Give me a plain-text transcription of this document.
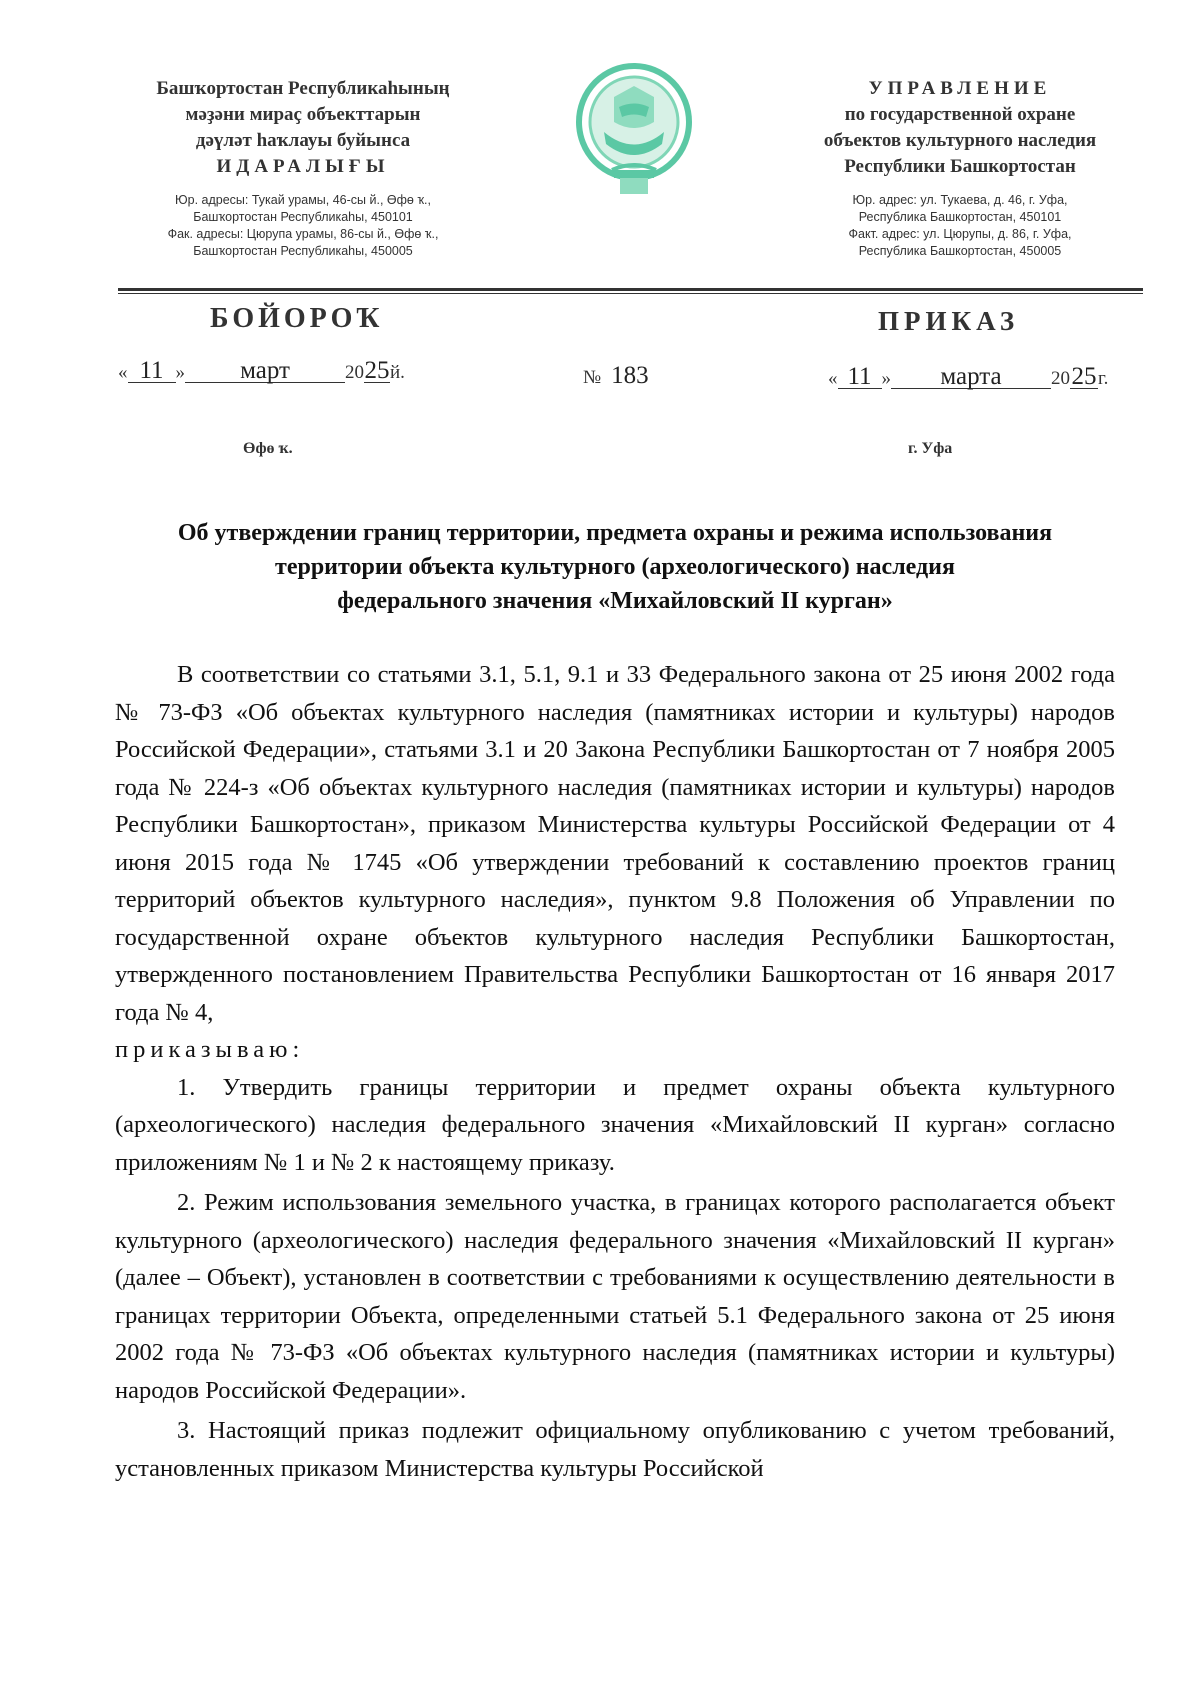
Башҡортостан Республикаһының
мәҙәни мираҫ объекттарын
дәүләт һаҡлауы буйынса
ИДАРАЛЫҒЫ
Юр. адресы: Тукай урамы, 46-сы й., Өфө ҡ.,
Башҡортостан Республикаһы, 450101
Фак. адресы: Цюрупа урамы, 86-сы й., Өфө ҡ.,
Башҡортостан Республикаһы, 450005
УПРАВЛЕНИЕ
по государственной охране
объектов культурного наследия
Республики Башкортостан
Юр. адрес: ул. Тукаева, д. 46, г. Уфа,
Республика Башкортостан, 450101
Факт. адрес: ул. Цюрупы, д. 86, г. Уфа,
Республика Башкортостан, 450005
БОЙОРОҠ	ПРИКАЗ
« 11 » март	2025й.	№ 183	« 11 » марта	2025г.
Өфө ҡ.	г. Уфа
Об утверждении границ территории, предмета охраны и режима использования
территории объекта культурного (археологического) наследия
федерального значения «Михайловский II курган»

В соответствии со статьями 3.1, 5.1, 9.1 и 33 Федерального закона от 25 июня 2002 года № 73-ФЗ «Об объектах культурного наследия (памятниках истории и культуры) народов Российской Федерации», статьями 3.1 и 20 Закона Республики Башкортостан от 7 ноября 2005 года № 224-з «Об объектах культурного наследия (памятниках истории и культуры) народов Республики Башкортостан», приказом Министерства культуры Российской Федерации от 4 июня 2015 года № 1745 «Об утверждении требований к составлению проектов границ территорий объектов культурного наследия», пунктом 9.8 Положения об Управлении по государственной охране объектов культурного наследия Республики Башкортостан, утвержденного постановлением Правительства Республики Башкортостан от 16 января 2017 года № 4,

приказываю:

1. Утвердить границы территории и предмет охраны объекта культурного (археологического) наследия федерального значения «Михайловский II курган» согласно приложениям № 1 и № 2 к настоящему приказу.

2. Режим использования земельного участка, в границах которого располагается объект культурного (археологического) наследия федерального значения «Михайловский II курган» (далее – Объект), установлен в соответствии с требованиями к осуществлению деятельности в границах территории Объекта, определенными статьей 5.1 Федерального закона от 25 июня 2002 года № 73-ФЗ «Об объектах культурного наследия (памятниках истории и культуры) народов Российской Федерации».

3. Настоящий приказ подлежит официальному опубликованию с учетом требований, установленных приказом Министерства культуры Российской
